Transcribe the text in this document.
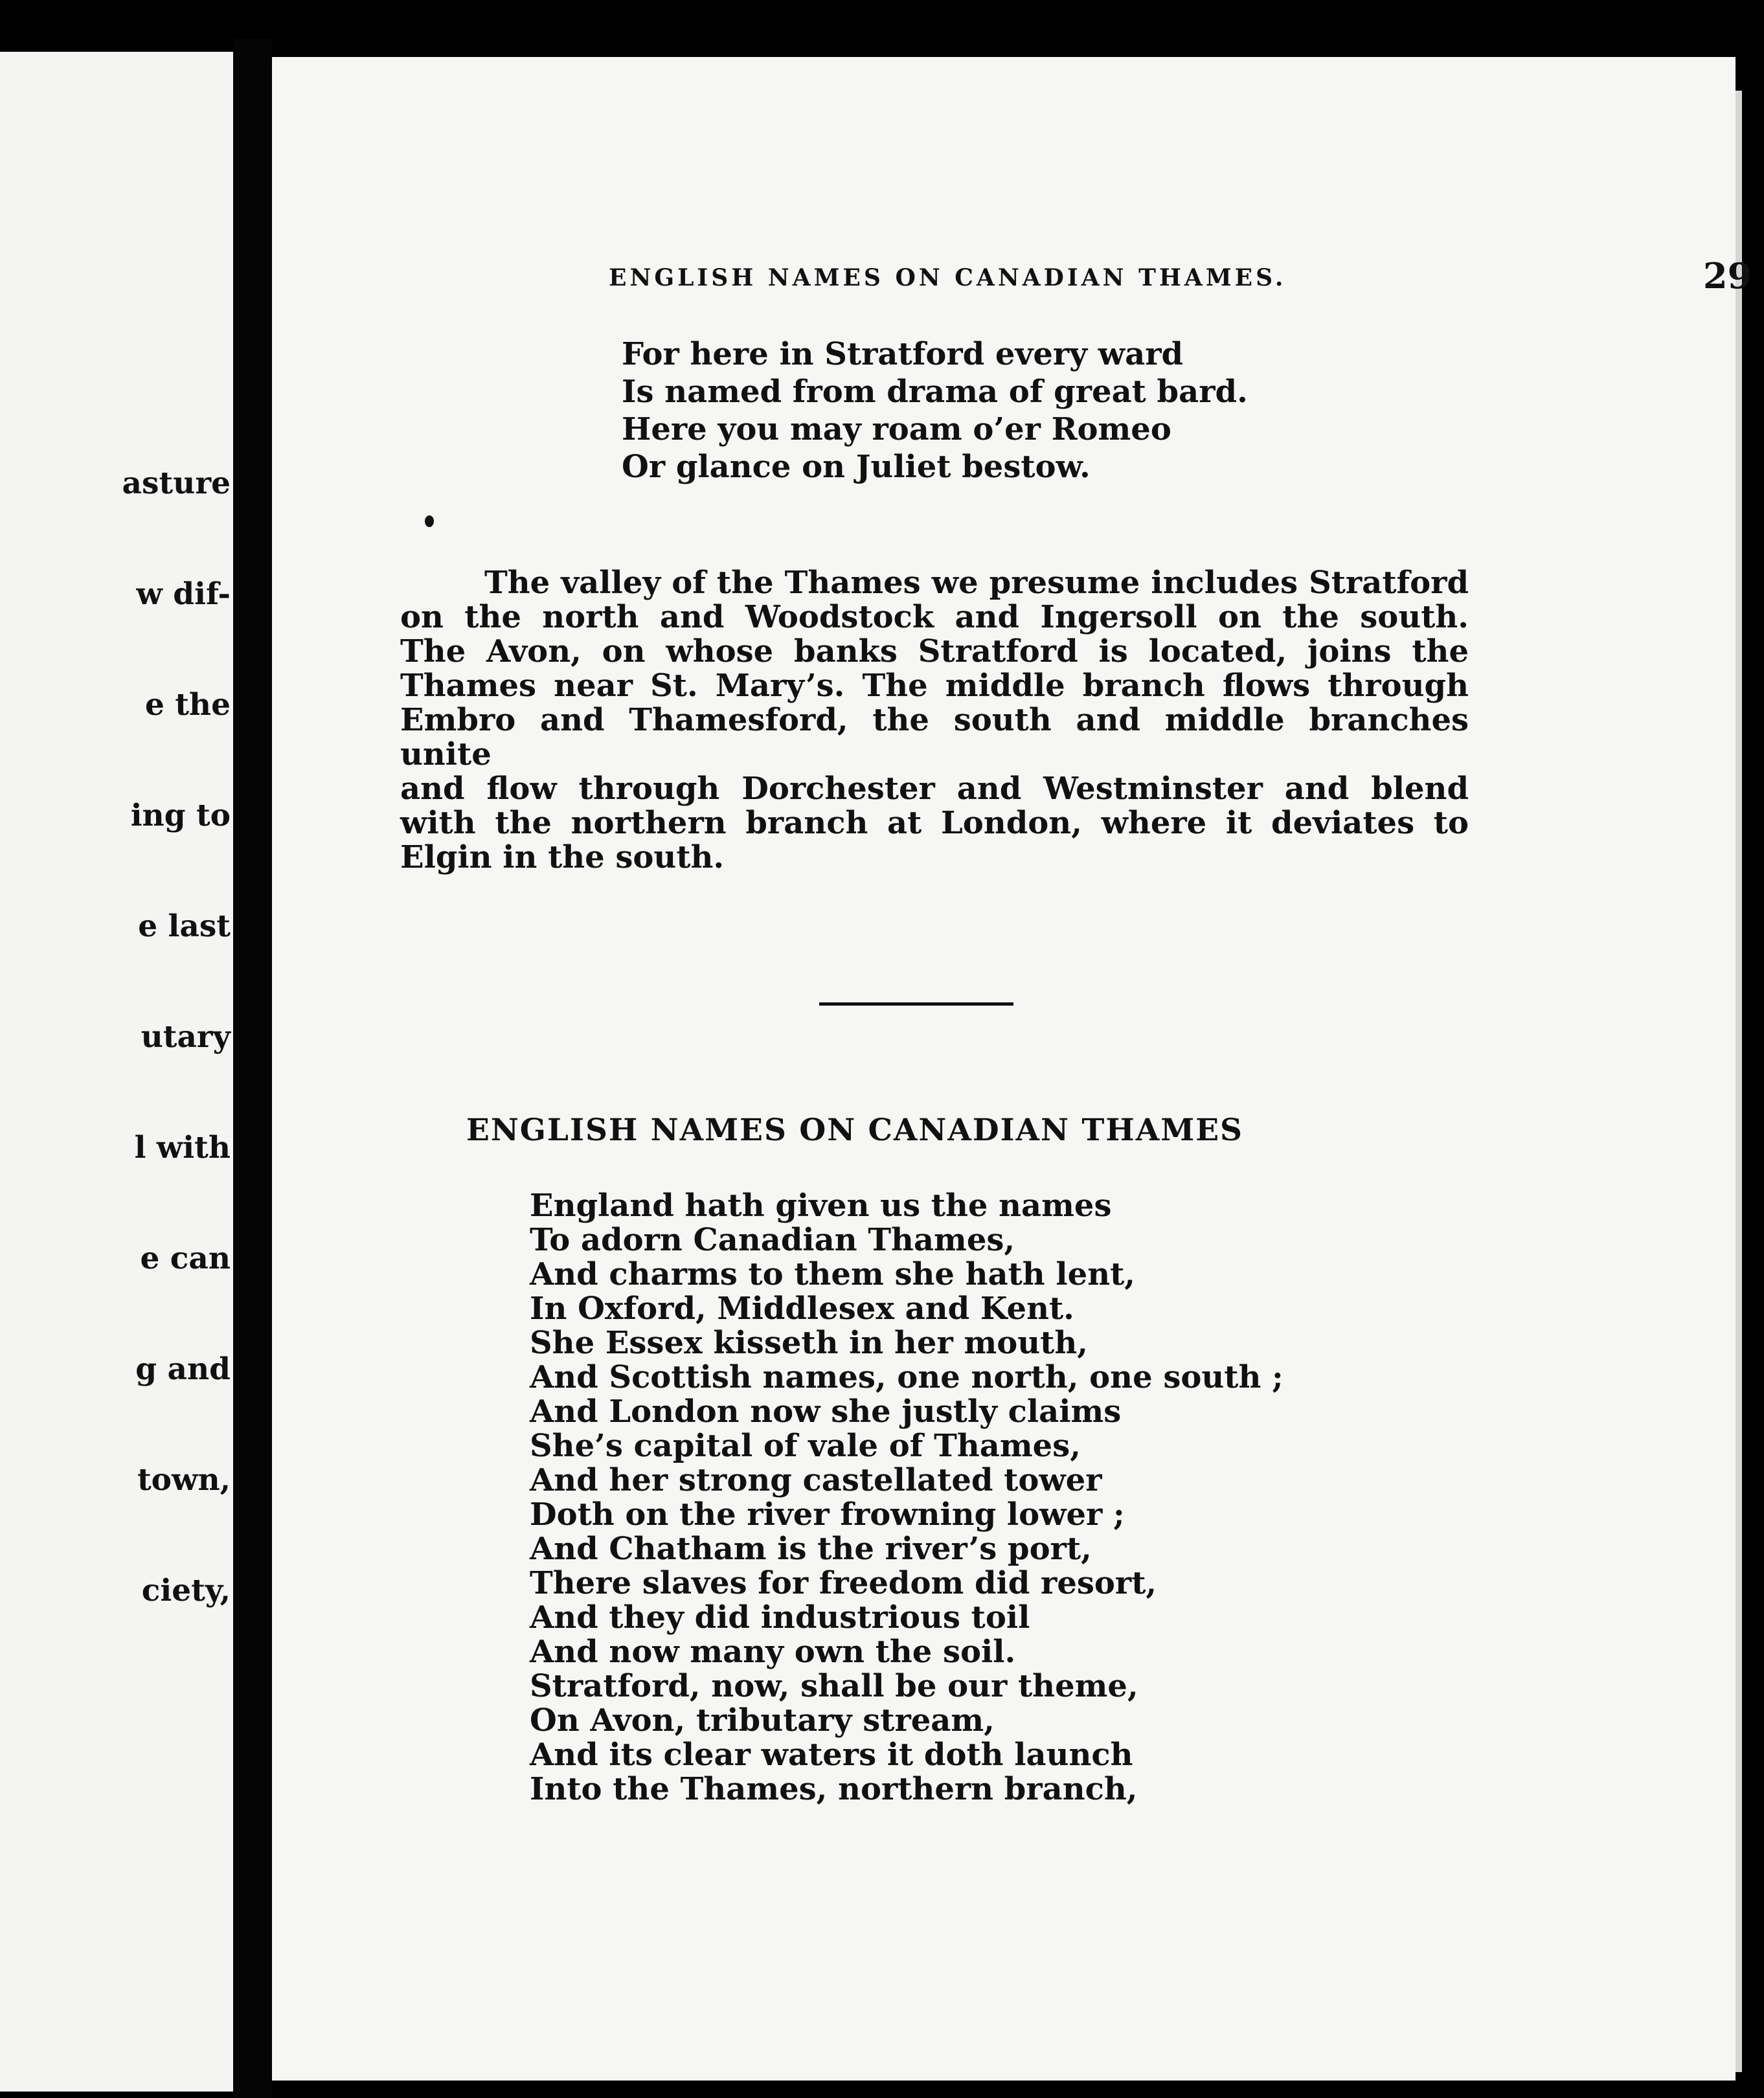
asture

w dif-

e the

ing to

e last

utary

l with

e can

g and

town,

ciety,

ENGLISH NAMES ON CANADIAN THAMES.	29
For here in Stratford every ward
Is named from drama of great bard.
Here you may roam o’er Romeo
Or glance on Juliet bestow.

The valley of the Thames we presume includes Stratford
on the north and Woodstock and Ingersoll on the south.
The Avon, on whose banks Stratford is located, joins the
Thames near St. Mary’s. The middle branch flows through
Embro and Thamesford, the south and middle branches unite
and flow through Dorchester and Westminster and blend
with the northern branch at London, where it deviates to
Elgin in the south.

ENGLISH NAMES ON CANADIAN THAMES
England hath given us the names
To adorn Canadian Thames,
And charms to them she hath lent,
In Oxford, Middlesex and Kent.
She Essex kisseth in her mouth,
And Scottish names, one north, one south ;
And London now she justly claims
She’s capital of vale of Thames,
And her strong castellated tower
Doth on the river frowning lower ;
And Chatham is the river’s port,
There slaves for freedom did resort,
And they did industrious toil
And now many own the soil.
Stratford, now, shall be our theme,
On Avon, tributary stream,
And its clear waters it doth launch
Into the Thames, northern branch,
